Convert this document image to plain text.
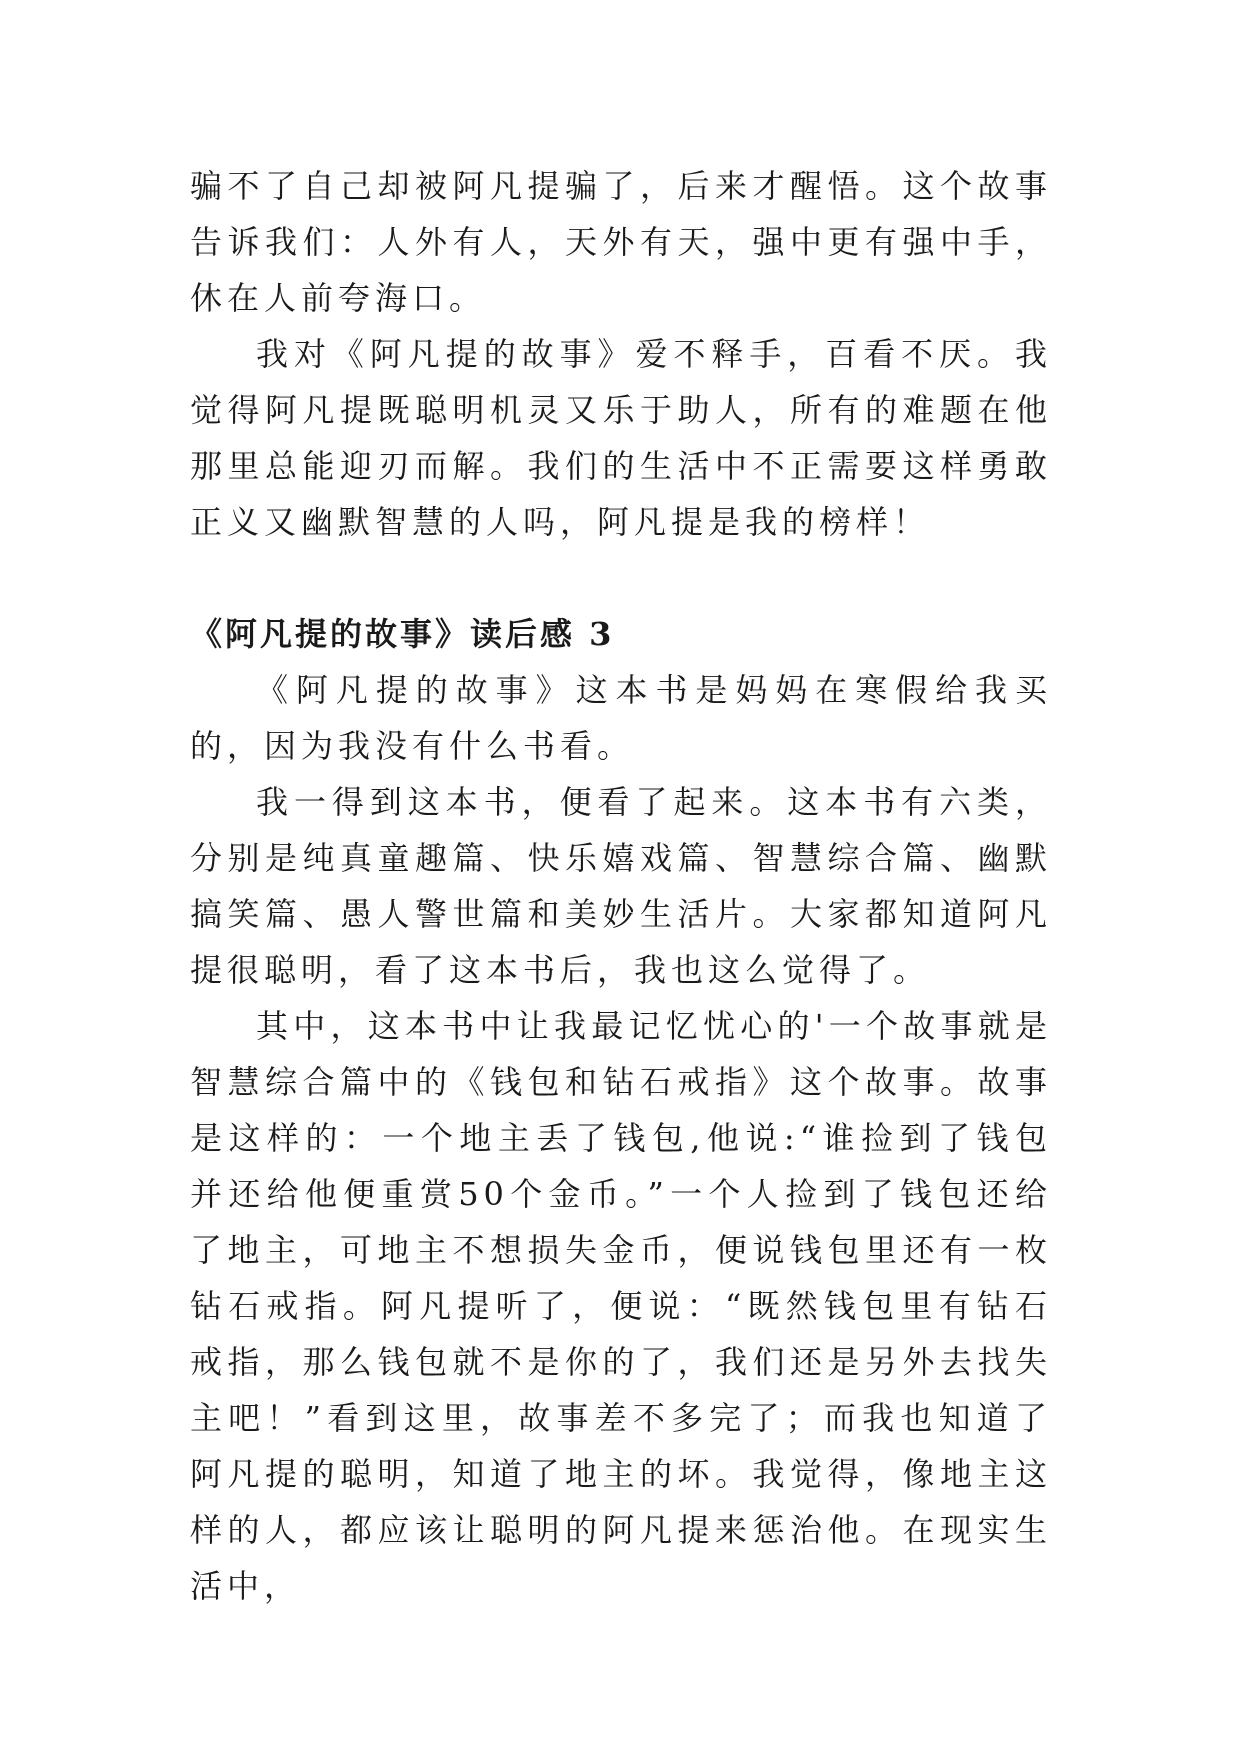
骗不了自己却被阿凡提骗了，后来才醒悟。这个故事告诉我们：人外有人，天外有天，强中更有强中手，休在人前夸海口。

我对《阿凡提的故事》爱不释手，百看不厌。我觉得阿凡提既聪明机灵又乐于助人，所有的难题在他那里总能迎刃而解。我们的生活中不正需要这样勇敢正义又幽默智慧的人吗，阿凡提是我的榜样！

《阿凡提的故事》读后感 3

《阿凡提的故事》这本书是妈妈在寒假给我买的，因为我没有什么书看。

我一得到这本书，便看了起来。这本书有六类，分别是纯真童趣篇、快乐嬉戏篇、智慧综合篇、幽默搞笑篇、愚人警世篇和美妙生活片。大家都知道阿凡提很聪明，看了这本书后，我也这么觉得了。

其中，这本书中让我最记忆忧心的'一个故事就是智慧综合篇中的《钱包和钻石戒指》这个故事。故事是这样的：一个地主丢了钱包,他说:“谁捡到了钱包并还给他便重赏50个金币。”一个人捡到了钱包还给了地主，可地主不想损失金币，便说钱包里还有一枚钻石戒指。阿凡提听了，便说：“既然钱包里有钻石戒指，那么钱包就不是你的了，我们还是另外去找失主吧！”看到这里，故事差不多完了；而我也知道了阿凡提的聪明，知道了地主的坏。我觉得，像地主这样的人，都应该让聪明的阿凡提来惩治他。在现实生活中，
